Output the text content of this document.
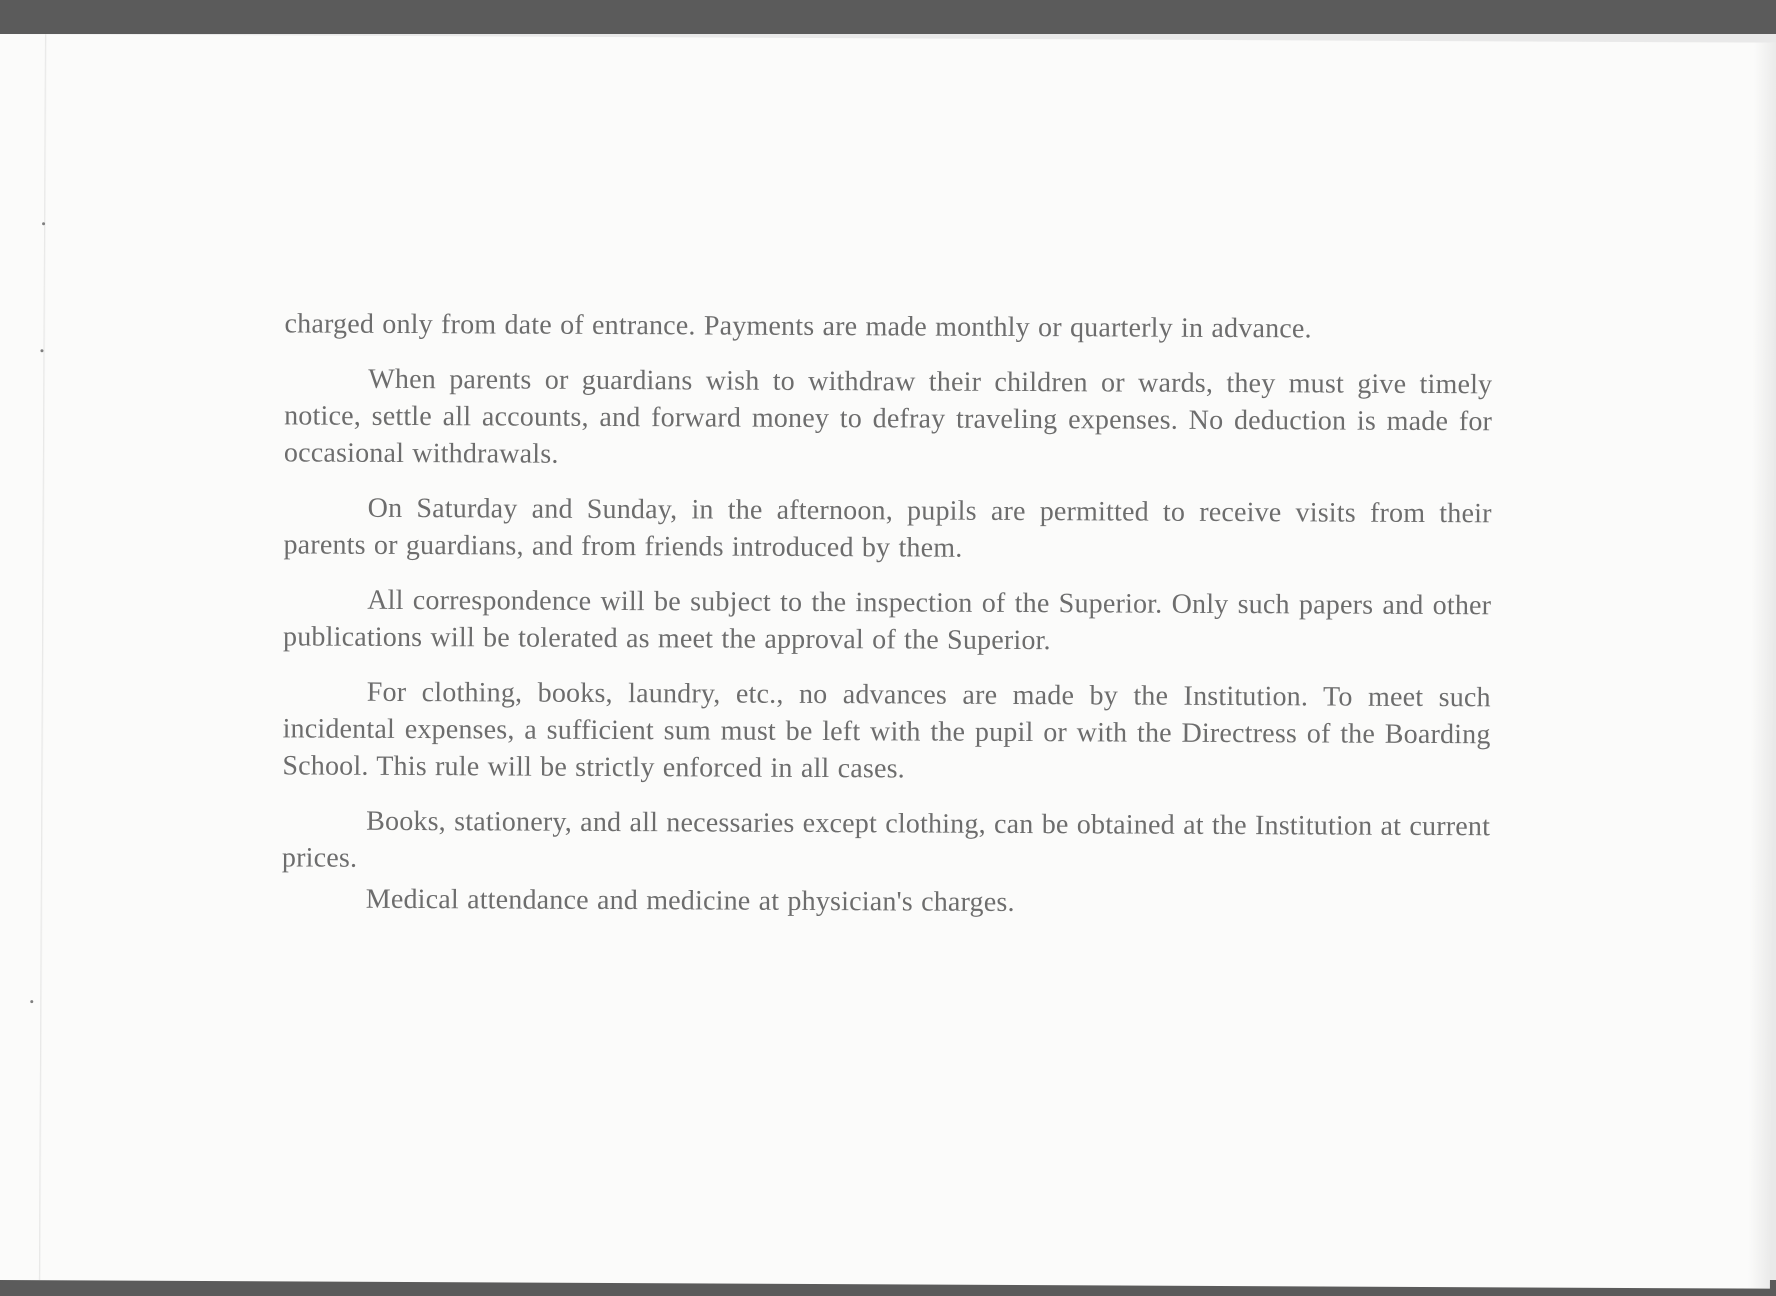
charged only from date of entrance. Payments are made monthly or quarterly in advance.

When parents or guardians wish to withdraw their children or wards, they must give timely notice, settle all accounts, and forward money to defray traveling expenses. No deduction is made for occasional withdrawals.

On Saturday and Sunday, in the afternoon, pupils are permitted to receive visits from their parents or guardians, and from friends introduced by them.

All correspondence will be subject to the inspection of the Superior. Only such papers and other publications will be tolerated as meet the approval of the Superior.

For clothing, books, laundry, etc., no advances are made by the Institution. To meet such incidental expenses, a sufficient sum must be left with the pupil or with the Directress of the Boarding School. This rule will be strictly enforced in all cases.

Books, stationery, and all necessaries except clothing, can be obtained at the Institution at current prices.

Medical attendance and medicine at physician's charges.
